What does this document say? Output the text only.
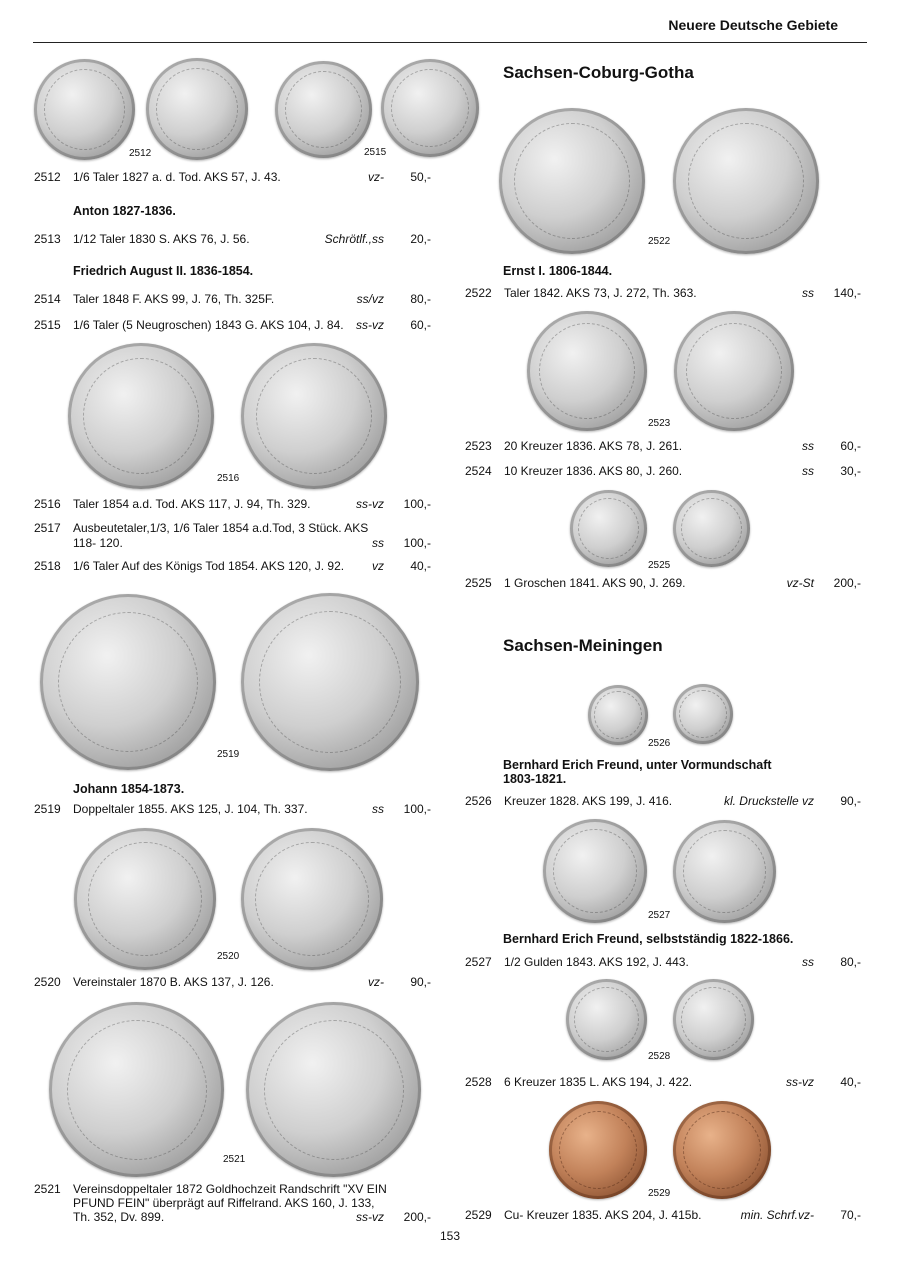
Neuere Deutsche Gebiete
2512	2515
2512 1/6 Taler 1827 a. d. Tod. AKS 57, J. 43.	vz-	50,-
Anton 1827-1836.
2513 1/12 Taler 1830 S. AKS 76, J. 56.	Schrötlf.,ss	20,-
Friedrich August II. 1836-1854.
2514 Taler 1848 F. AKS 99, J. 76, Th. 325F.	ss/vz	80,-
2515 1/6 Taler (5 Neugroschen) 1843 G. AKS 104, J. 84. ss-vz	60,-
2516
2516 Taler 1854 a.d. Tod. AKS 117, J. 94, Th. 329.	ss-vz	100,-
2517 Ausbeutetaler,1/3, 1/6 Taler 1854 a.d.Tod, 3 Stück. AKS
118- 120.	ss 100,-
2518 1/6 Taler Auf des Königs Tod 1854. AKS 120, J. 92. vz	40,-
2519
Johann 1854-1873.
2519 Doppeltaler 1855. AKS 125, J. 104, Th. 337.	ss	100,-
2520
2520 Vereinstaler 1870 B. AKS 137, J. 126.	vz-	90,-
2521
2521 Vereinsdoppeltaler 1872 Goldhochzeit Randschrift "XV EIN
PFUND FEIN" überprägt auf Riffelrand. AKS 160, J. 133,
Th. 352, Dv. 899.	ss-vz 200,-
Sachsen-Coburg-Gotha
2522
Ernst I. 1806-1844.
2522 Taler 1842. AKS 73, J. 272, Th. 363.	ss	140,-
2523
2523 20 Kreuzer 1836. AKS 78, J. 261.	ss	60,-
2524 10 Kreuzer 1836. AKS 80, J. 260.	ss	30,-
2525
2525 1 Groschen 1841. AKS 90, J. 269.	vz-St	200,-
Sachsen-Meiningen
2526
Bernhard Erich Freund, unter Vormundschaft
1803-1821.
2526 Kreuzer 1828. AKS 199, J. 416.	kl. Druckstelle vz	90,-
2527
Bernhard Erich Freund, selbstständig 1822-1866.
2527 1/2 Gulden 1843. AKS 192, J. 443.	ss	80,-
2528
2528 6 Kreuzer 1835 L. AKS 194, J. 422.	ss-vz	40,-
2529
2529 Cu- Kreuzer 1835. AKS 204, J. 415b.	min. Schrf.vz-	70,-
153
